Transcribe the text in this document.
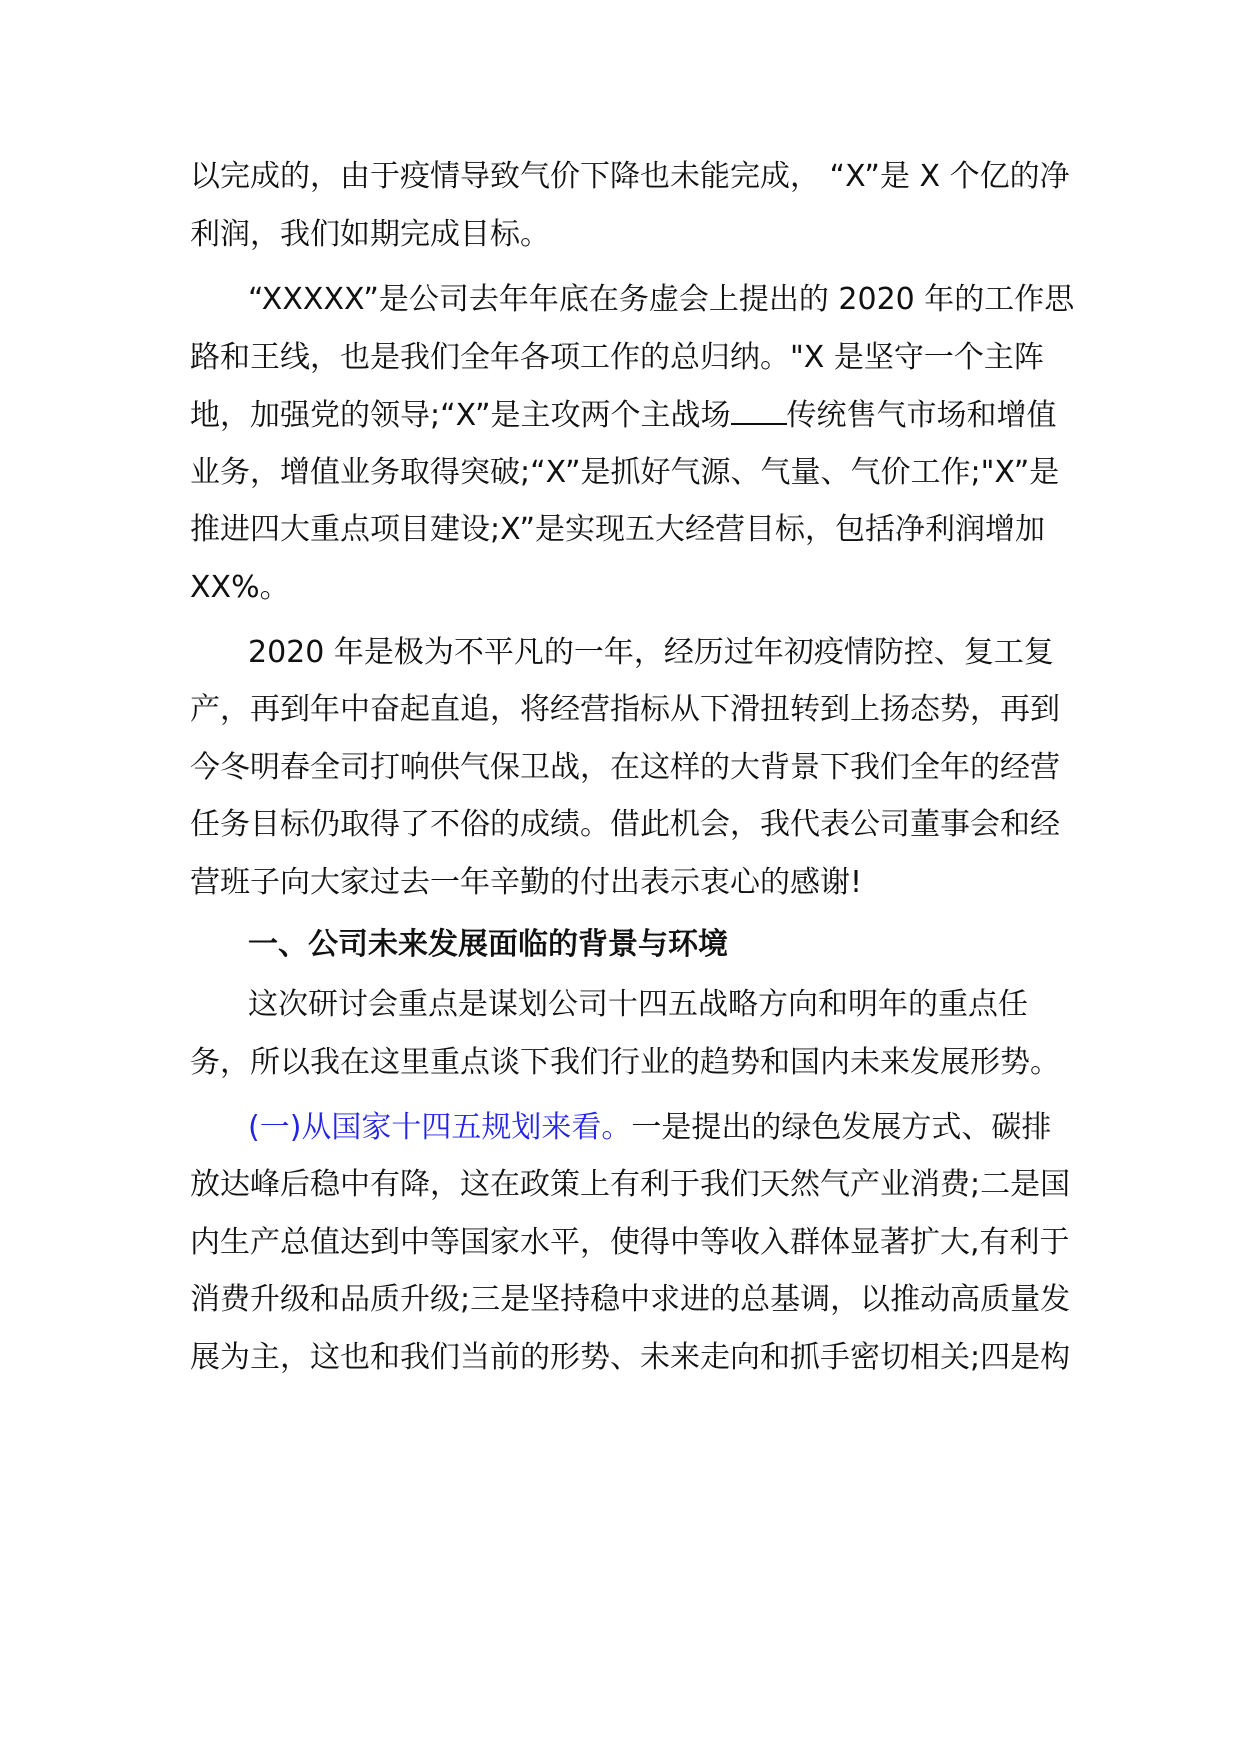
以完成的，由于疫情导致气价下降也未能完成， “X”是 X 个亿的净
利润，我们如期完成目标。
“XXXXX”是公司去年年底在务虚会上提出的 2020 年的工作思
路和王线，也是我们全年各项工作的总归纳。"X 是坚守一个主阵
地，加强党的领导;“X”是主攻两个主战场 传统售气市场和增值
业务，增值业务取得突破;“X”是抓好气源、气量、气价工作;"X”是
推进四大重点项目建设;X”是实现五大经营目标，包括净利润增加
XX%。
2020 年是极为不平凡的一年，经历过年初疫情防控、复工复
产，再到年中奋起直追，将经营指标从下滑扭转到上扬态势，再到
今冬明春全司打响供气保卫战，在这样的大背景下我们全年的经营
任务目标仍取得了不俗的成绩。借此机会，我代表公司董事会和经
营班子向大家过去一年辛勤的付出表示衷心的感谢!
一、公司未来发展面临的背景与环境
这次研讨会重点是谋划公司十四五战略方向和明年的重点任
务，所以我在这里重点谈下我们行业的趋势和国内未来发展形势。
(一)从国家十四五规划来看。一是提出的绿色发展方式、碳排
放达峰后稳中有降，这在政策上有利于我们天然气产业消费;二是国
内生产总值达到中等国家水平，使得中等收入群体显著扩大,有利于
消费升级和品质升级;三是坚持稳中求进的总基调，以推动高质量发
展为主，这也和我们当前的形势、未来走向和抓手密切相关;四是构
